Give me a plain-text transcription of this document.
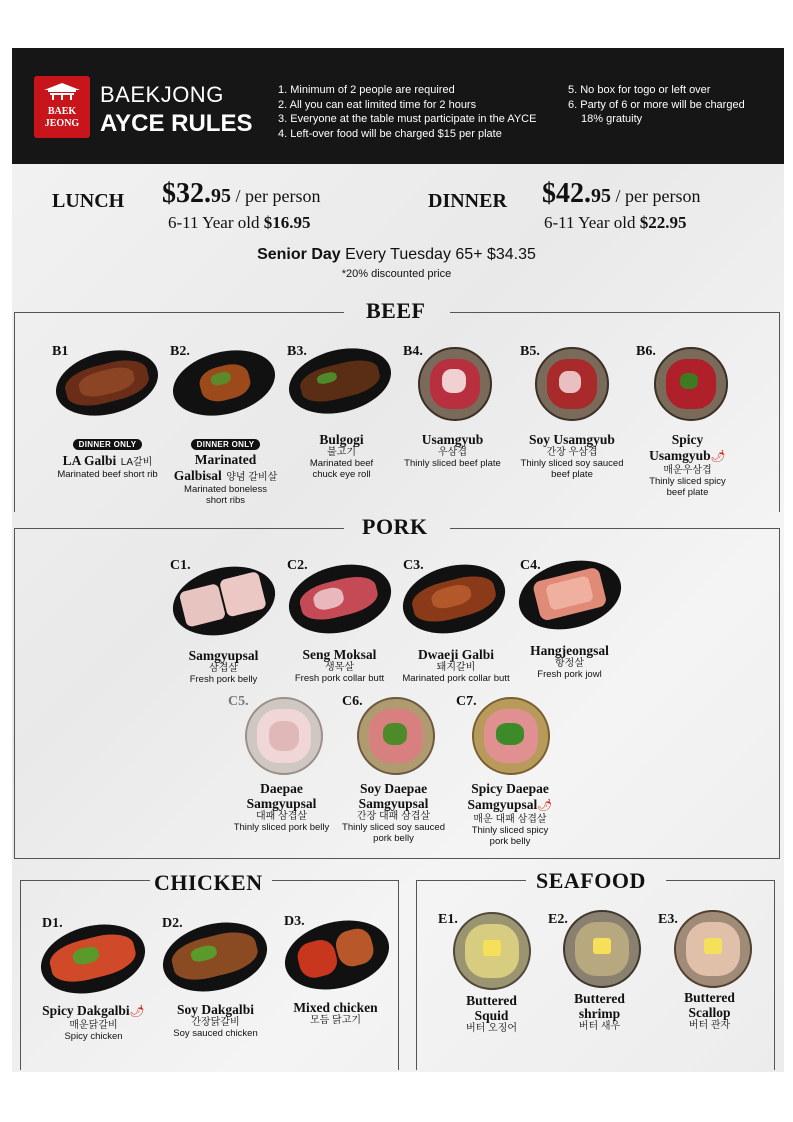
BAEK
JEONG
BAEKJONG
AYCE RULES
1. Minimum of 2 people are required
2. All you can eat limited time for 2 hours
3. Everyone at the table must participate in the AYCE
4. Left-over food will be charged $15 per plate
5. No box for togo or left over
6. Party of 6 or more will be charged
18% gratuity
LUNCH $32.95 / per person
6-11 Year old $16.95
DINNER $42.95 / per person
6-11 Year old $22.95
Senior Day Every Tuesday 65+ $34.35
*20% discounted price
BEEF
B1
DINNER ONLY
LA Galbi LA갈비
Marinated beef short rib
B2.
DINNER ONLY
Marinated
Galbisal 양념 갈비살
Marinated boneless
short ribs
B3.
Bulgogi
불고기
Marinated beef
chuck eye roll
B4.
Usamgyub
우삼겹
Thinly sliced beef plate
B5.
Soy Usamgyub
간장 우삼겹
Thinly sliced soy sauced
beef plate
B6.
Spicy
Usamgyub🌶
매운우삼겹
Thinly sliced spicy
beef plate
PORK
C1.
Samgyupsal
삼겹살
Fresh pork belly
C2.
Seng Moksal
생목살
Fresh pork collar butt
C3.
Dwaeji Galbi
돼지갈비
Marinated pork collar butt
C4.
Hangjeongsal
항정살
Fresh pork jowl
C5.
Daepae
Samgyupsal
대패 삼겹살
Thinly sliced pork belly
C6.
Soy Daepae
Samgyupsal
간장 대패 삼겹살
Thinly sliced soy sauced
pork belly
C7.
Spicy Daepae
Samgyupsal🌶
매운 대패 삼겹살
Thinly sliced spicy
pork belly
CHICKEN
D1.
Spicy Dakgalbi🌶
매운닭갈비
Spicy chicken
D2.
Soy Dakgalbi
간장닭갈비
Soy sauced chicken
D3.
Mixed chicken
모듬 닭고기
SEAFOOD
E1.
Buttered
Squid
버터 오징어
E2.
Buttered
shrimp
버터 새우
E3.
Buttered
Scallop
버터 관자
